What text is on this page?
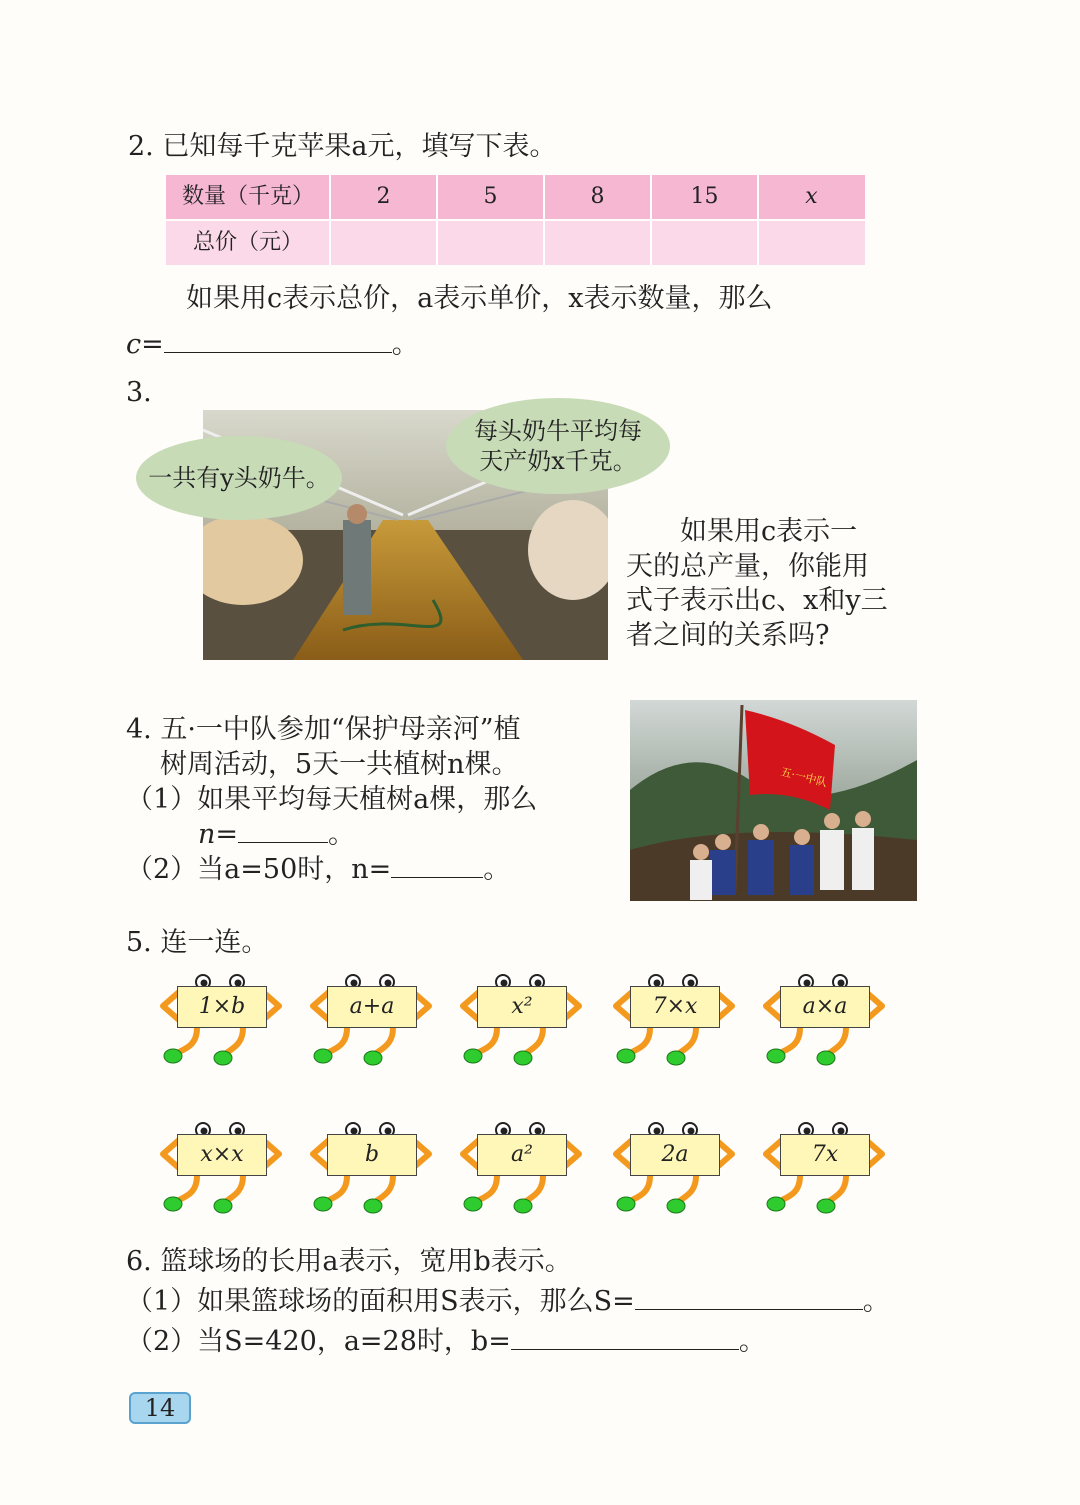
2. 已知每千克苹果a元，填写下表。
数量（千克）	2	5	8	15	x
总价（元）
如果用c表示总价，a表示单价，x表示数量，那么
c=	。
3.
一共有y头奶牛。
每头奶牛平均每
天产奶x千克。
　　如果用c表示一
天的总产量，你能用
式子表示出c、x和y三
者之间的关系吗?
4. 五·一中队参加“保护母亲河”植
树周活动，5天一共植树n棵。
（1）如果平均每天植树a棵，那么
n=	。
（2）当a=50时，n=	。
五·一中队
5. 连一连。
1×b	a+a	x²	7×x	a×a
x×x	b	a²	2a	7x
6. 篮球场的长用a表示，宽用b表示。
（1）如果篮球场的面积用S表示，那么S=	。
（2）当S=420，a=28时，b=	。
14
